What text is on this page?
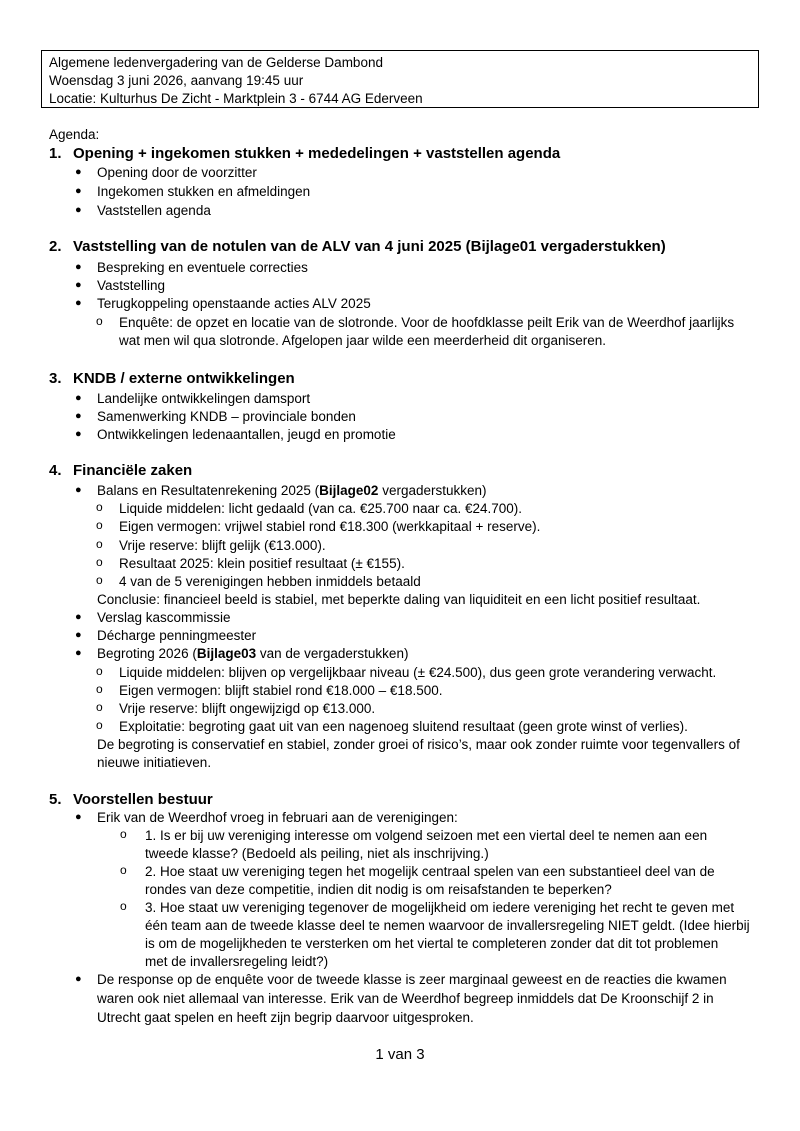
Algemene ledenvergadering van de Gelderse Dambond
Woensdag 3 juni 2026, aanvang 19:45 uur
Locatie: Kulturhus De Zicht - Marktplein 3 - 6744 AG Ederveen
Agenda:
1. Opening + ingekomen stukken + mededelingen + vaststellen agenda
● Opening door de voorzitter
● Ingekomen stukken en afmeldingen
● Vaststellen agenda
2. Vaststelling van de notulen van de ALV van 4 juni 2025 (Bijlage01 vergaderstukken)
● Bespreking en eventuele correcties
● Vaststelling
● Terugkoppeling openstaande acties ALV 2025
o Enquête: de opzet en locatie van de slotronde. Voor de hoofdklasse peilt Erik van de Weerdhof jaarlijks
wat men wil qua slotronde. Afgelopen jaar wilde een meerderheid dit organiseren.
3. KNDB / externe ontwikkelingen
● Landelijke ontwikkelingen damsport
● Samenwerking KNDB – provinciale bonden
● Ontwikkelingen ledenaantallen, jeugd en promotie
4. Financiële zaken
● Balans en Resultatenrekening 2025 (Bijlage02 vergaderstukken)
o Liquide middelen: licht gedaald (van ca. €25.700 naar ca. €24.700).
o Eigen vermogen: vrijwel stabiel rond €18.300 (werkkapitaal + reserve).
o Vrije reserve: blijft gelijk (€13.000).
o Resultaat 2025: klein positief resultaat (± €155).
o 4 van de 5 verenigingen hebben inmiddels betaald
Conclusie: financieel beeld is stabiel, met beperkte daling van liquiditeit en een licht positief resultaat.
● Verslag kascommissie
● Décharge penningmeester
● Begroting 2026 (Bijlage03 van de vergaderstukken)
o Liquide middelen: blijven op vergelijkbaar niveau (± €24.500), dus geen grote verandering verwacht.
o Eigen vermogen: blijft stabiel rond €18.000 – €18.500.
o Vrije reserve: blijft ongewijzigd op €13.000.
o Exploitatie: begroting gaat uit van een nagenoeg sluitend resultaat (geen grote winst of verlies).
De begroting is conservatief en stabiel, zonder groei of risico’s, maar ook zonder ruimte voor tegenvallers of
nieuwe initiatieven.
5. Voorstellen bestuur
● Erik van de Weerdhof vroeg in februari aan de verenigingen:
o 1. Is er bij uw vereniging interesse om volgend seizoen met een viertal deel te nemen aan een
tweede klasse? (Bedoeld als peiling, niet als inschrijving.)
o 2. Hoe staat uw vereniging tegen het mogelijk centraal spelen van een substantieel deel van de
rondes van deze competitie, indien dit nodig is om reisafstanden te beperken?
o 3. Hoe staat uw vereniging tegenover de mogelijkheid om iedere vereniging het recht te geven met
één team aan de tweede klasse deel te nemen waarvoor de invallersregeling NIET geldt. (Idee hierbij
is om de mogelijkheden te versterken om het viertal te completeren zonder dat dit tot problemen
met de invallersregeling leidt?)
● De response op de enquête voor de tweede klasse is zeer marginaal geweest en de reacties die kwamen
waren ook niet allemaal van interesse. Erik van de Weerdhof begreep inmiddels dat De Kroonschijf 2 in
Utrecht gaat spelen en heeft zijn begrip daarvoor uitgesproken.
1 van 3
